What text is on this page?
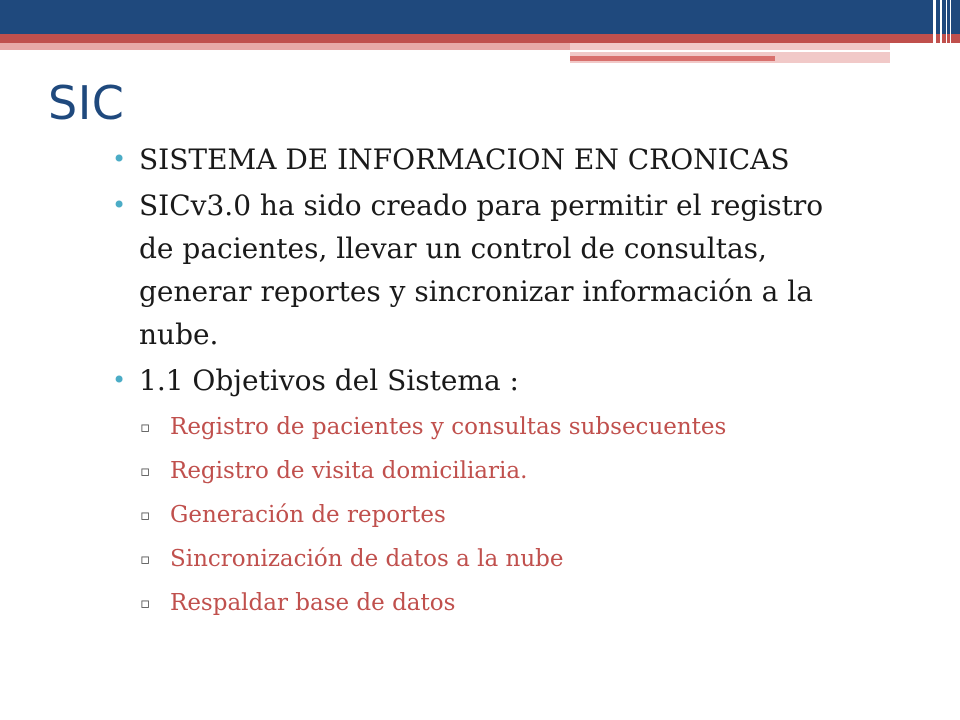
SIC
• SISTEMA DE INFORMACION EN CRONICAS
• SICv3.0 ha sido creado para permitir el registro de pacientes, llevar un control de consultas, generar reportes y sincronizar información a la nube.
• 1.1 Objetivos del Sistema :
▫ Registro de pacientes y consultas subsecuentes
▫ Registro de visita domiciliaria.
▫ Generación de reportes
▫ Sincronización de datos a la nube
▫ Respaldar base de datos
